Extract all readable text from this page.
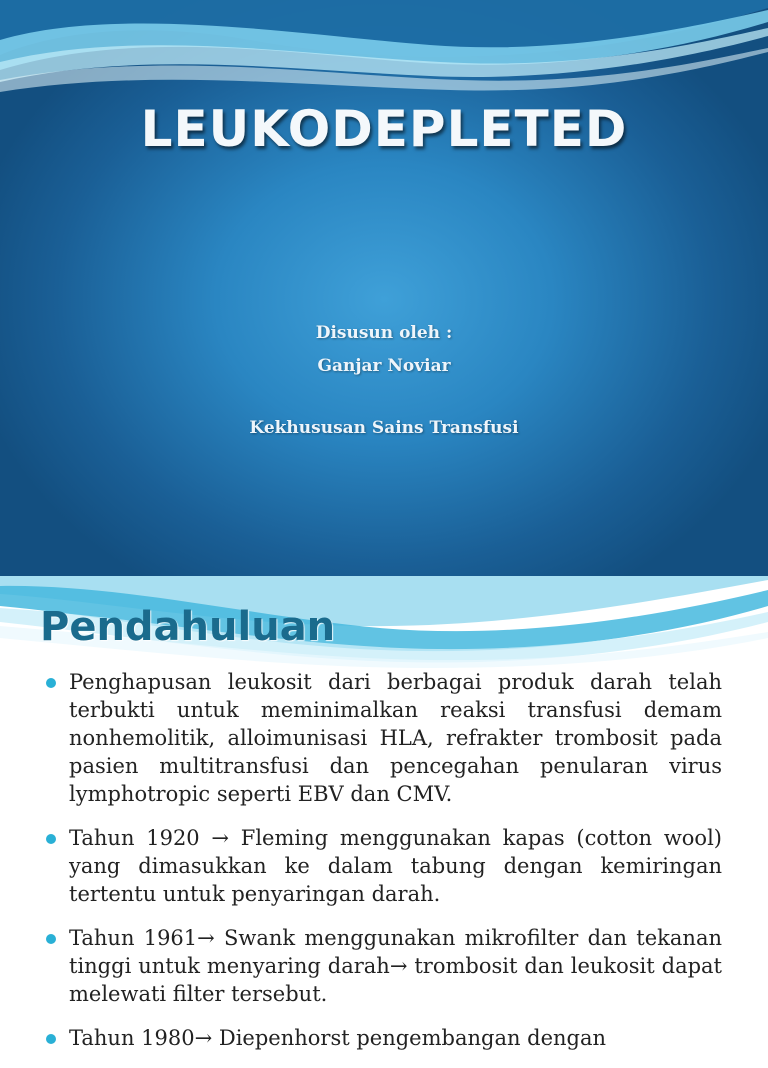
LEUKODEPLETED
Disusun oleh :
Ganjar Noviar
Kekhususan Sains Transfusi
Pendahuluan
Penghapusan leukosit dari berbagai produk darah telah terbukti untuk meminimalkan reaksi transfusi demam nonhemolitik, alloimunisasi HLA, refrakter trombosit pada pasien multitransfusi dan pencegahan penularan virus lymphotropic seperti EBV dan CMV.
Tahun 1920 → Fleming menggunakan kapas (cotton wool) yang dimasukkan ke dalam tabung dengan kemiringan tertentu untuk penyaringan darah.
Tahun 1961→ Swank menggunakan mikrofilter dan tekanan tinggi untuk menyaring darah→ trombosit dan leukosit dapat melewati filter tersebut.
Tahun 1980→ Diepenhorst pengembangan dengan
